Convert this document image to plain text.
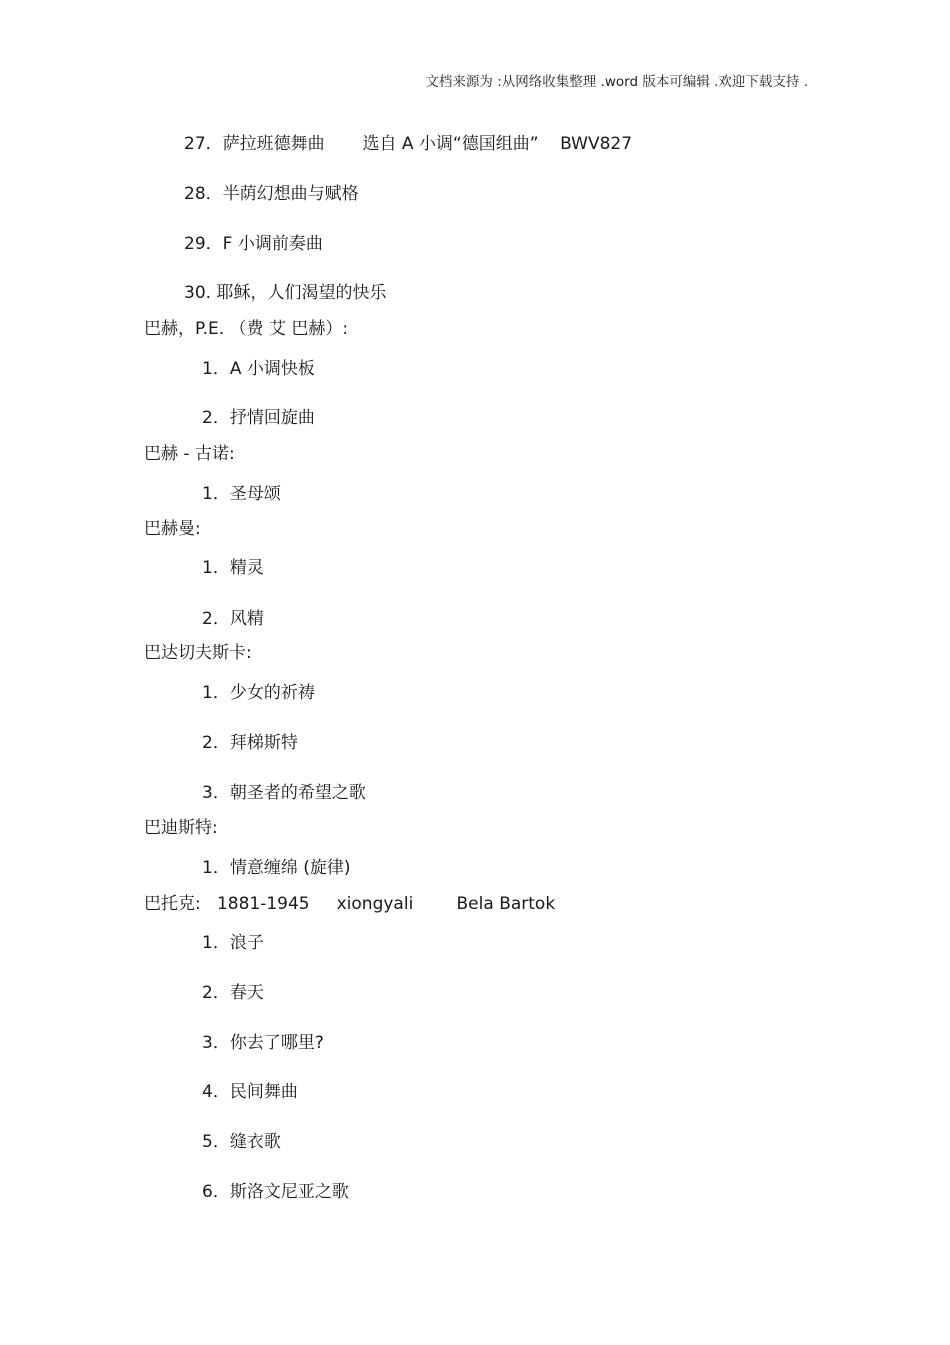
文档来源为 :从网络收集整理 .word 版本可编辑 .欢迎下载支持 .
27．萨拉班德舞曲       选自 A 小调“德国组曲”    BWV827
28．半荫幻想曲与赋格
29．F 小调前奏曲
30. 耶稣，人们渴望的快乐
巴赫，P.E. （费 艾 巴赫）:
1．A 小调快板
2．抒情回旋曲
巴赫 - 古诺:
1．圣母颂
巴赫曼:
1．精灵
2．风精
巴达切夫斯卡:
1．少女的祈祷
2．拜梯斯特
3．朝圣者的希望之歌
巴迪斯特:
1．情意缠绵 (旋律)
巴托克:   1881-1945     xiongyali        Bela Bartok
1．浪子
2．春天
3．你去了哪里?
4．民间舞曲
5．缝衣歌
6．斯洛文尼亚之歌
